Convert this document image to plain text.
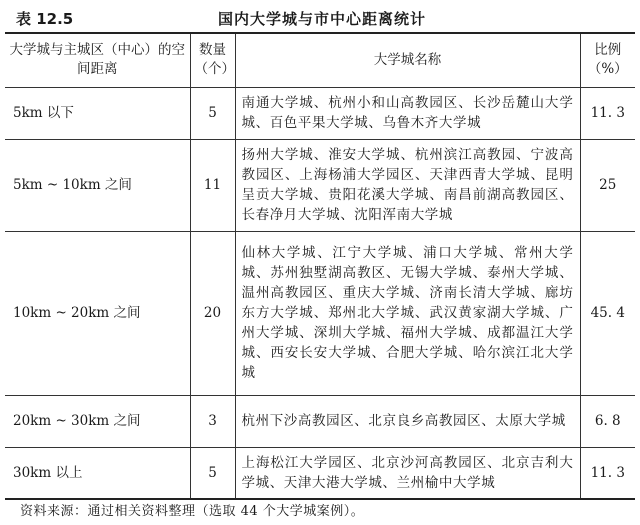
表 12.5	国内大学城与市中心距离统计
大学城与主城区（中心）的空间距离	数量（个）	大学城名称	比例（%）
5km 以下	5	南通大学城、杭州小和山高教园区、长沙岳麓山大学城、百色平果大学城、乌鲁木齐大学城	11. 3
5km ~ 10km 之间	11	扬州大学城、淮安大学城、杭州滨江高教园、宁波高教园区、上海杨浦大学园区、天津西青大学城、昆明呈贡大学城、贵阳花溪大学城、南昌前湖高教园区、长春净月大学城、沈阳浑南大学城	25
10km ~ 20km 之间	20	仙林大学城、江宁大学城、浦口大学城、常州大学城、苏州独墅湖高教区、无锡大学城、泰州大学城、温州高教园区、重庆大学城、济南长清大学城、廊坊东方大学城、郑州北大学城、武汉黄家湖大学城、广州大学城、深圳大学城、福州大学城、成都温江大学城、西安长安大学城、合肥大学城、哈尔滨江北大学城	45. 4
20km ~ 30km 之间	3	杭州下沙高教园区、北京良乡高教园区、太原大学城	6. 8
30km 以上	5	上海松江大学园区、北京沙河高教园区、北京吉利大学城、天津大港大学城、兰州榆中大学城	11. 3
资料来源：通过相关资料整理（选取 44 个大学城案例）。
